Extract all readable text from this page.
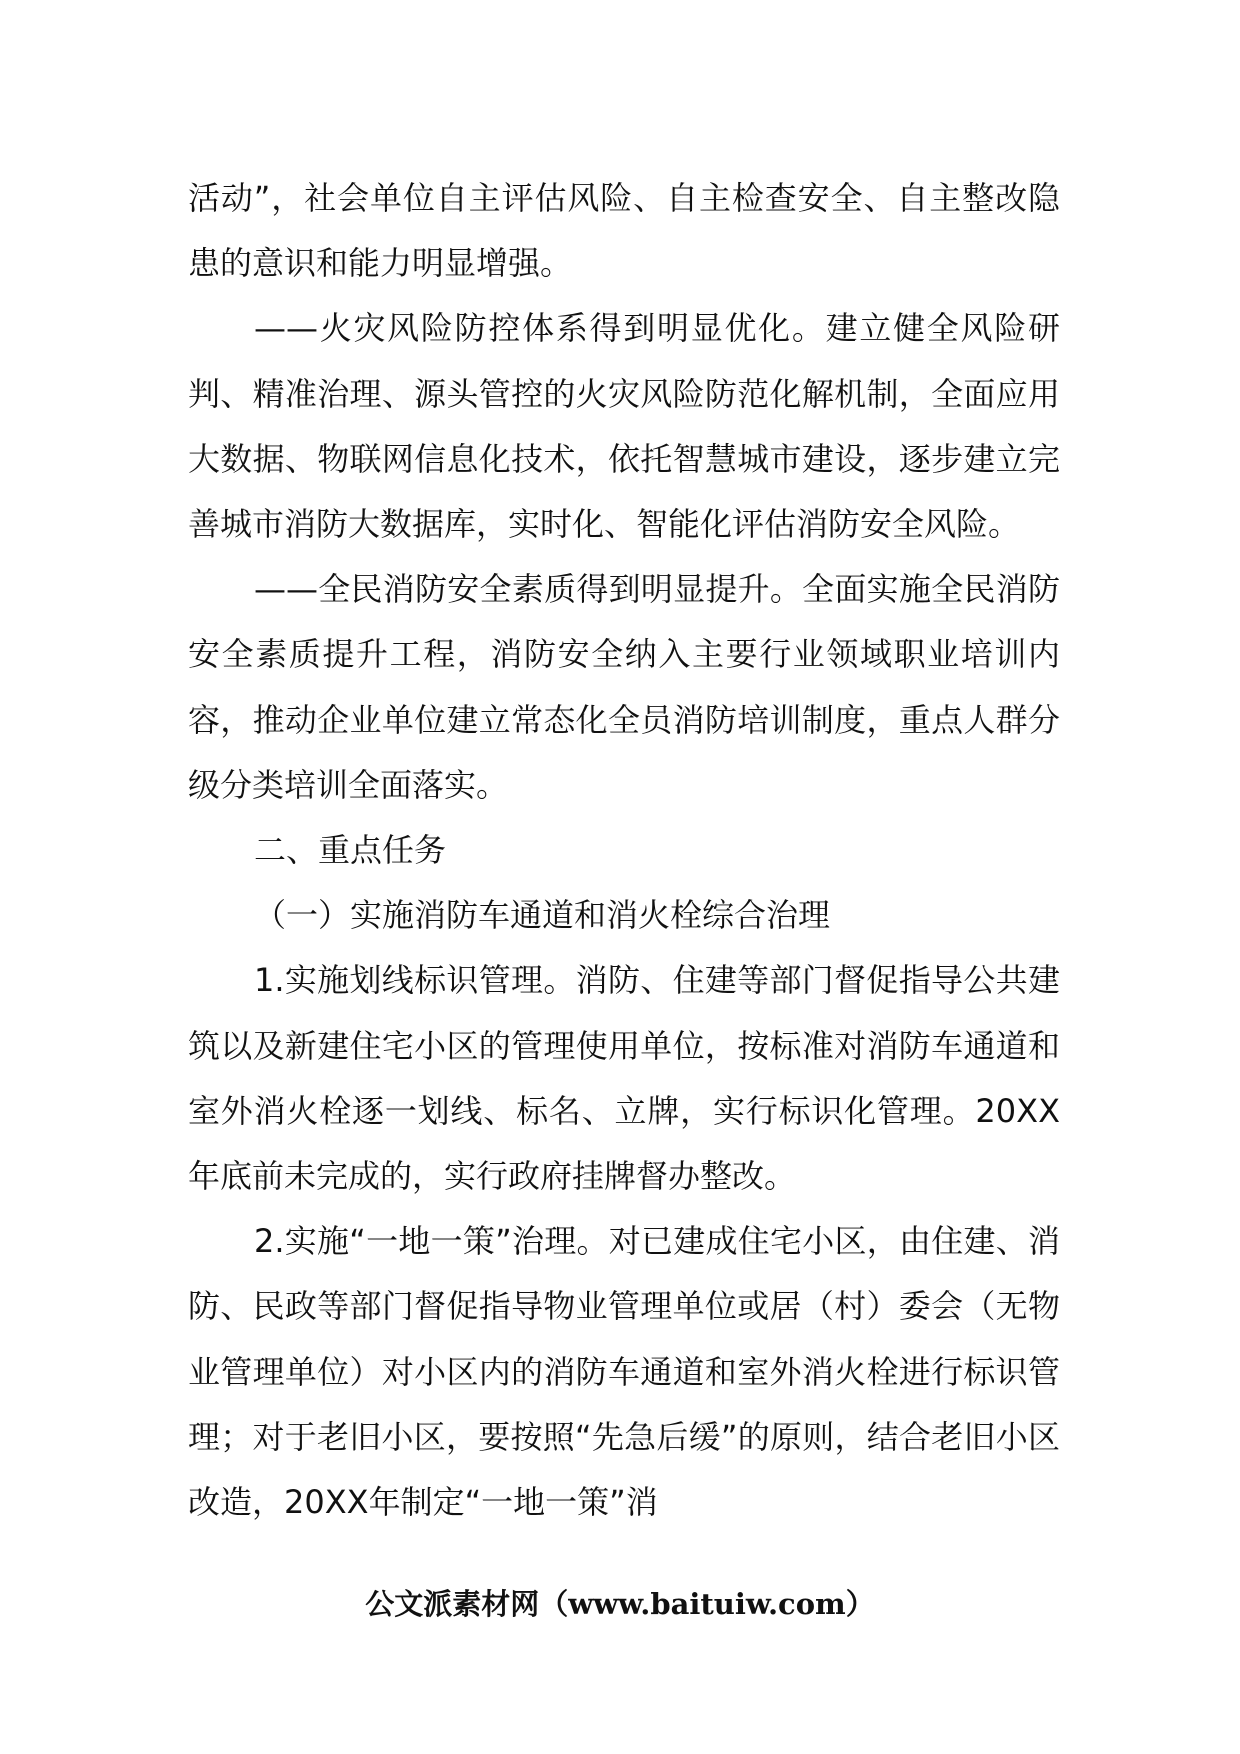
活动”，社会单位自主评估风险、自主检查安全、自主整改隐患的意识和能力明显增强。

——火灾风险防控体系得到明显优化。建立健全风险研判、精准治理、源头管控的火灾风险防范化解机制，全面应用大数据、物联网信息化技术，依托智慧城市建设，逐步建立完善城市消防大数据库，实时化、智能化评估消防安全风险。

——全民消防安全素质得到明显提升。全面实施全民消防安全素质提升工程，消防安全纳入主要行业领域职业培训内容，推动企业单位建立常态化全员消防培训制度，重点人群分级分类培训全面落实。

二、重点任务

（一）实施消防车通道和消火栓综合治理

1.实施划线标识管理。消防、住建等部门督促指导公共建筑以及新建住宅小区的管理使用单位，按标准对消防车通道和室外消火栓逐一划线、标名、立牌，实行标识化管理。20XX年底前未完成的，实行政府挂牌督办整改。

2.实施“一地一策”治理。对已建成住宅小区，由住建、消防、民政等部门督促指导物业管理单位或居（村）委会（无物业管理单位）对小区内的消防车通道和室外消火栓进行标识管理；对于老旧小区，要按照“先急后缓”的原则，结合老旧小区改造，20XX年制定“一地一策”消

公文派素材网（www.baituiw.com）
